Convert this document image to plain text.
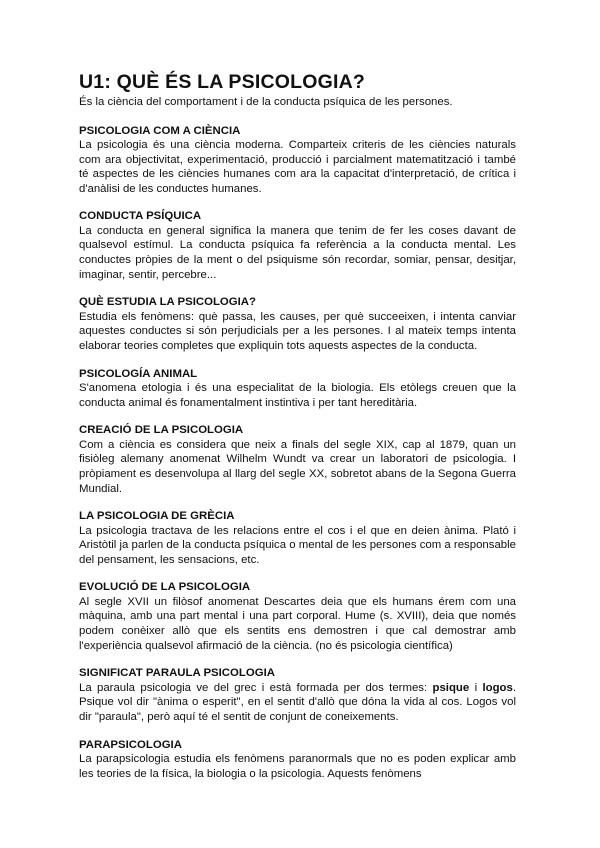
U1: QUÈ ÉS LA PSICOLOGIA?

És la ciència del comportament i de la conducta psíquica de les persones.

PSICOLOGIA COM A CIÈNCIA

La psicologia és una ciència moderna. Comparteix criteris de les ciències naturals com ara objectivitat, experimentació, producció i parcialment matematització i també té aspectes de les ciències humanes com ara la capacitat d'interpretació, de crítica i d'anàlisi de les conductes humanes.

CONDUCTA PSÍQUICA

La conducta en general significa la manera que tenim de fer les coses davant de qualsevol estímul. La conducta psíquica fa referència a la conducta mental. Les conductes pròpies de la ment o del psiquisme són recordar, somiar, pensar, desitjar, imaginar, sentir, percebre...

QUÈ ESTUDIA LA PSICOLOGIA?

Estudia els fenòmens: què passa, les causes, per què succeeixen, i intenta canviar aquestes conductes si són perjudicials per a les persones. I al mateix temps intenta elaborar teories completes que expliquin tots aquests aspectes de la conducta.

PSICOLOGÍA ANIMAL

S'anomena etologia i és una especialitat de la biologia. Els etòlegs creuen que la conducta animal és fonamentalment instintiva i per tant hereditària.

CREACIÓ DE LA PSICOLOGIA

Com a ciència es considera que neix a finals del segle XIX, cap al 1879, quan un fisiòleg alemany anomenat Wilhelm Wundt va crear un laboratori de psicologia. I pròpiament es desenvolupa al llarg del segle XX, sobretot abans de la Segona Guerra Mundial.

LA PSICOLOGIA DE GRÈCIA

La psicologia tractava de les relacions entre el cos i el que en deien ànima. Plató i Aristòtil ja parlen de la conducta psíquica o mental de les persones com a responsable del pensament, les sensacions, etc.

EVOLUCIÓ DE LA PSICOLOGIA

Al segle XVII un filòsof anomenat Descartes deia que els humans érem com una màquina, amb una part mental i una part corporal. Hume (s. XVIII), deia que només podem conèixer allò que els sentits ens demostren i que cal demostrar amb l'experiència qualsevol afirmació de la ciència. (no és psicologia científica)

SIGNIFICAT PARAULA PSICOLOGIA

La paraula psicologia ve del grec i està formada per dos termes: psique i logos. Psique vol dir "ànima o esperit", en el sentit d'allò que dóna la vida al cos. Logos vol dir "paraula", però aquí té el sentit de conjunt de coneixements.

PARAPSICOLOGIA

La parapsicologia estudia els fenòmens paranormals que no es poden explicar amb les teories de la física, la biologia o la psicologia. Aquests fenòmens
